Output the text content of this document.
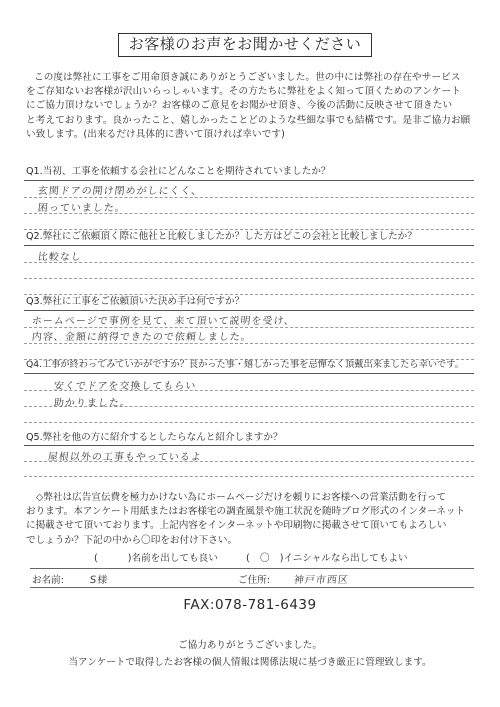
お客様のお声をお聞かせください
この度は弊社に工事をご用命頂き誠にありがとうございました。世の中には弊社の存在やサービス
をご存知ないお客様が沢山いらっしゃいます。その方たちに弊社をよく知って頂くためのアンケート
にご協力頂けないでしょうか？お客様のご意見をお聞かせ頂き、今後の活動に反映させて頂きたい
と考えております。良かったこと、嬉しかったことどのような些細な事でも結構です。是非ご協力お願
い致します。(出来るだけ具体的に書いて頂ければ幸いです)
Q1.当初、工事を依頼する会社にどんなことを期待されていましたか？
玄関ドアの開け閉めがしにくく、
困っていました。
Q2.弊社にご依頼頂く際に他社と比較しましたか？した方はどこの会社と比較しましたか？
比較なし
Q3.弊社に工事をご依頼頂いた決め手は何ですか？
ホームページで事例を見て、来て頂いて説明を受け、
内容、金額に納得できたので依頼しました。
Q4.工事が終わってみていかがですか？良かった事・嬉しかった事を忌憚なく頂戴出来ましたら幸いです。
安くでドアを交換してもらい
助かりました。
Q5.弊社を他の方に紹介するとしたらなんと紹介しますか？
屋根以外の工事もやっているよ
◇弊社は広告宣伝費を極力かけない為にホームページだけを頼りにお客様への営業活動を行って
おります。本アンケート用紙またはお客様宅の調査風景や施工状況を随時ブログ形式のインターネット
に掲載させて頂いております。上記内容をインターネットや印刷物に掲載させて頂いてもよろしい
でしょうか？下記の中から〇印をお付け下さい。
(	)名前を出しても良い	( 〇 )イニシャルなら出してもよい
お名前:	S様	ご住所: 神戸市西区
FAX:078-781-6439
ご協力ありがとうございました。
当アンケートで取得したお客様の個人情報は関係法規に基づき厳正に管理致します。
